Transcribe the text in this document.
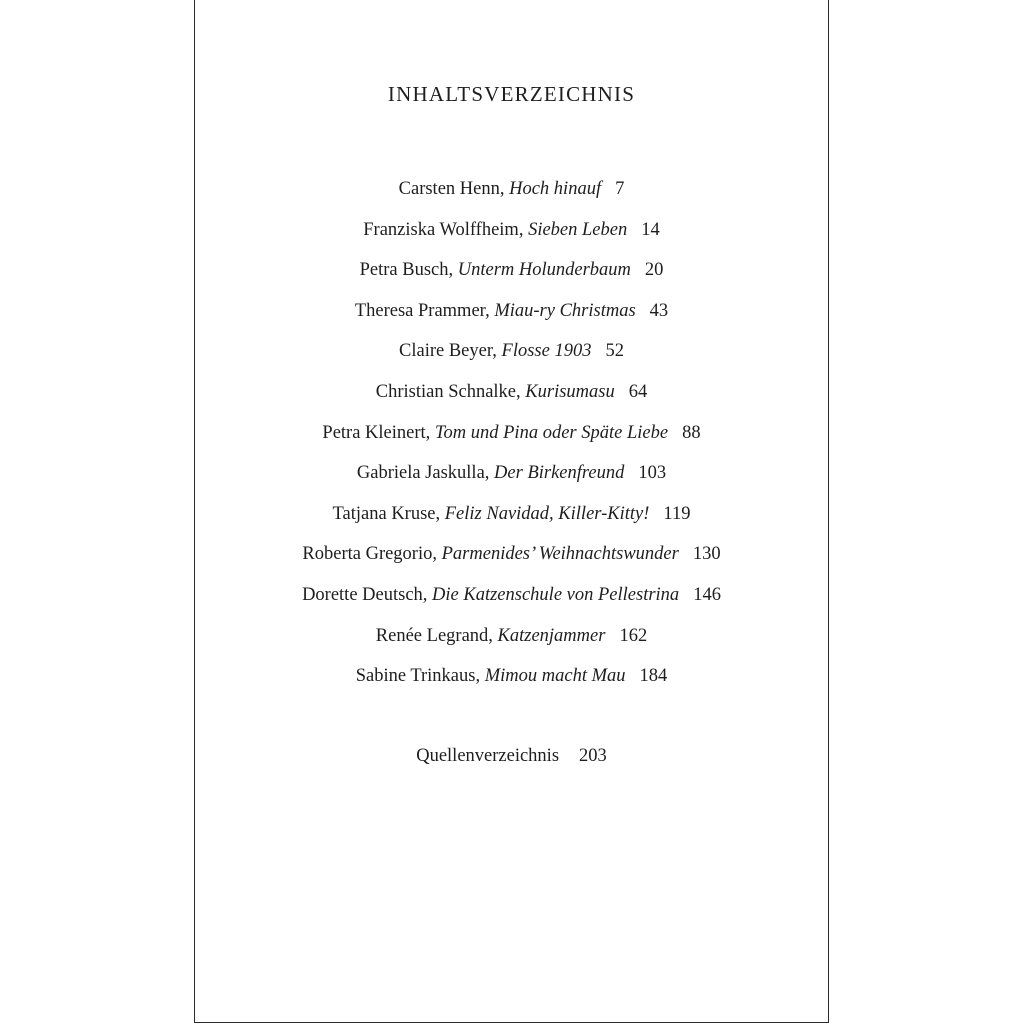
INHALTSVERZEICHNIS
Carsten Henn, Hoch hinauf 7
Franziska Wolffheim, Sieben Leben 14
Petra Busch, Unterm Holunderbaum 20
Theresa Prammer, Miau-ry Christmas 43
Claire Beyer, Flosse 1903 52
Christian Schnalke, Kurisumasu 64
Petra Kleinert, Tom und Pina oder Späte Liebe 88
Gabriela Jaskulla, Der Birkenfreund 103
Tatjana Kruse, Feliz Navidad, Killer-Kitty! 119
Roberta Gregorio, Parmenides’ Weihnachtswunder 130
Dorette Deutsch, Die Katzenschule von Pellestrina 146
Renée Legrand, Katzenjammer 162
Sabine Trinkaus, Mimou macht Mau 184
Quellenverzeichnis 203
